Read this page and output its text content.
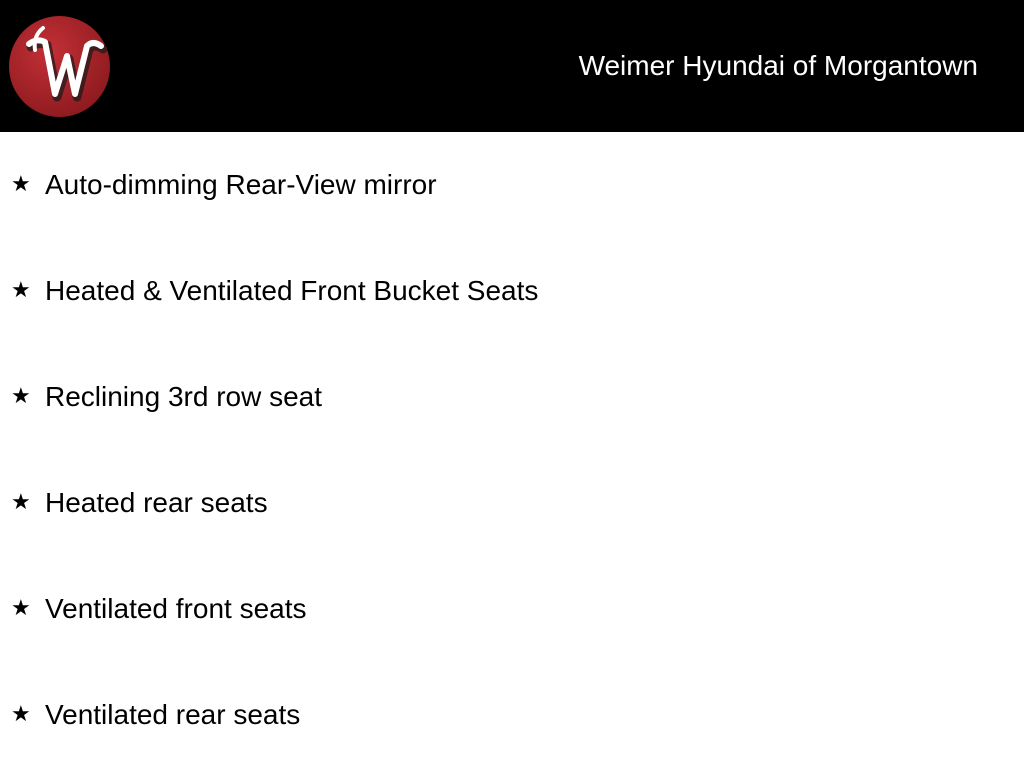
Weimer Hyundai of Morgantown
★ Auto-dimming Rear-View mirror
★ Heated & Ventilated Front Bucket Seats
★ Reclining 3rd row seat
★ Heated rear seats
★ Ventilated front seats
★ Ventilated rear seats
